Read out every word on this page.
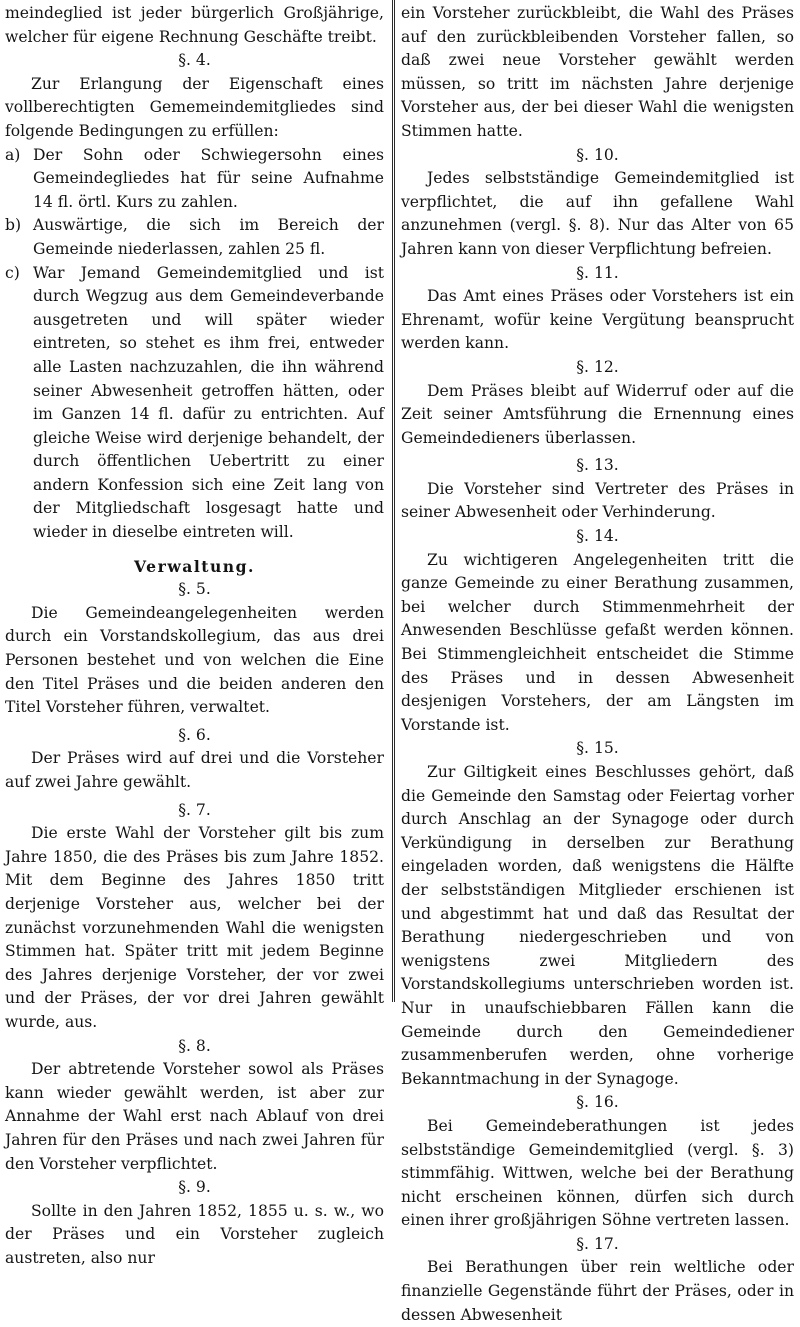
meindeglied ist jeder bürgerlich Großjährige, welcher für eigene Rechnung Geschäfte treibt.

§. 4.

Zur Erlangung der Eigenschaft eines vollberechtigten Gememeindemitgliedes sind folgende Bedingungen zu erfüllen:

a) Der Sohn oder Schwiegersohn eines Gemeindegliedes hat für seine Aufnahme 14 fl. örtl. Kurs zu zahlen.
b) Auswärtige, die sich im Bereich der Gemeinde niederlassen, zahlen 25 fl.
c) War Jemand Gemeindemitglied und ist durch Wegzug aus dem Gemeindeverbande ausgetreten und will später wieder eintreten, so stehet es ihm frei, entweder alle Lasten nachzuzahlen, die ihn während seiner Abwesenheit getroffen hätten, oder im Ganzen 14 fl. dafür zu entrichten. Auf gleiche Weise wird derjenige behandelt, der durch öffentlichen Uebertritt zu einer andern Konfession sich eine Zeit lang von der Mitgliedschaft losgesagt hatte und wieder in dieselbe eintreten will.

Verwaltung.

§. 5.

Die Gemeindeangelegenheiten werden durch ein Vorstandskollegium, das aus drei Personen bestehet und von welchen die Eine den Titel Präses und die beiden anderen den Titel Vorsteher führen, verwaltet.

§. 6.

Der Präses wird auf drei und die Vorsteher auf zwei Jahre gewählt.

§. 7.

Die erste Wahl der Vorsteher gilt bis zum Jahre 1850, die des Präses bis zum Jahre 1852. Mit dem Beginne des Jahres 1850 tritt derjenige Vorsteher aus, welcher bei der zunächst vorzunehmenden Wahl die wenigsten Stimmen hat. Später tritt mit jedem Beginne des Jahres derjenige Vorsteher, der vor zwei und der Präses, der vor drei Jahren gewählt wurde, aus.

§. 8.

Der abtretende Vorsteher sowol als Präses kann wieder gewählt werden, ist aber zur Annahme der Wahl erst nach Ablauf von drei Jahren für den Präses und nach zwei Jahren für den Vorsteher verpflichtet.

§. 9.

Sollte in den Jahren 1852, 1855 u. s. w., wo der Präses und ein Vorsteher zugleich austreten, also nur

ein Vorsteher zurückbleibt, die Wahl des Präses auf den zurückbleibenden Vorsteher fallen, so daß zwei neue Vorsteher gewählt werden müssen, so tritt im nächsten Jahre derjenige Vorsteher aus, der bei dieser Wahl die wenigsten Stimmen hatte.

§. 10.

Jedes selbstständige Gemeindemitglied ist verpflichtet, die auf ihn gefallene Wahl anzunehmen (vergl. §. 8). Nur das Alter von 65 Jahren kann von dieser Verpflichtung befreien.

§. 11.

Das Amt eines Präses oder Vorstehers ist ein Ehrenamt, wofür keine Vergütung beansprucht werden kann.

§. 12.

Dem Präses bleibt auf Widerruf oder auf die Zeit seiner Amtsführung die Ernennung eines Gemeindedieners überlassen.

§. 13.

Die Vorsteher sind Vertreter des Präses in seiner Abwesenheit oder Verhinderung.

§. 14.

Zu wichtigeren Angelegenheiten tritt die ganze Gemeinde zu einer Berathung zusammen, bei welcher durch Stimmenmehrheit der Anwesenden Beschlüsse gefaßt werden können. Bei Stimmengleichheit entscheidet die Stimme des Präses und in dessen Abwesenheit desjenigen Vorstehers, der am Längsten im Vorstande ist.

§. 15.

Zur Giltigkeit eines Beschlusses gehört, daß die Gemeinde den Samstag oder Feiertag vorher durch Anschlag an der Synagoge oder durch Verkündigung in derselben zur Berathung eingeladen worden, daß wenigstens die Hälfte der selbstständigen Mitglieder erschienen ist und abgestimmt hat und daß das Resultat der Berathung niedergeschrieben und von wenigstens zwei Mitgliedern des Vorstandskollegiums unterschrieben worden ist. Nur in unaufschiebbaren Fällen kann die Gemeinde durch den Gemeindediener zusammenberufen werden, ohne vorherige Bekanntmachung in der Synagoge.

§. 16.

Bei Gemeindeberathungen ist jedes selbstständige Gemeindemitglied (vergl. §. 3) stimmfähig. Wittwen, welche bei der Berathung nicht erscheinen können, dürfen sich durch einen ihrer großjährigen Söhne vertreten lassen.

§. 17.

Bei Berathungen über rein weltliche oder finanzielle Gegenstände führt der Präses, oder in dessen Abwesenheit
